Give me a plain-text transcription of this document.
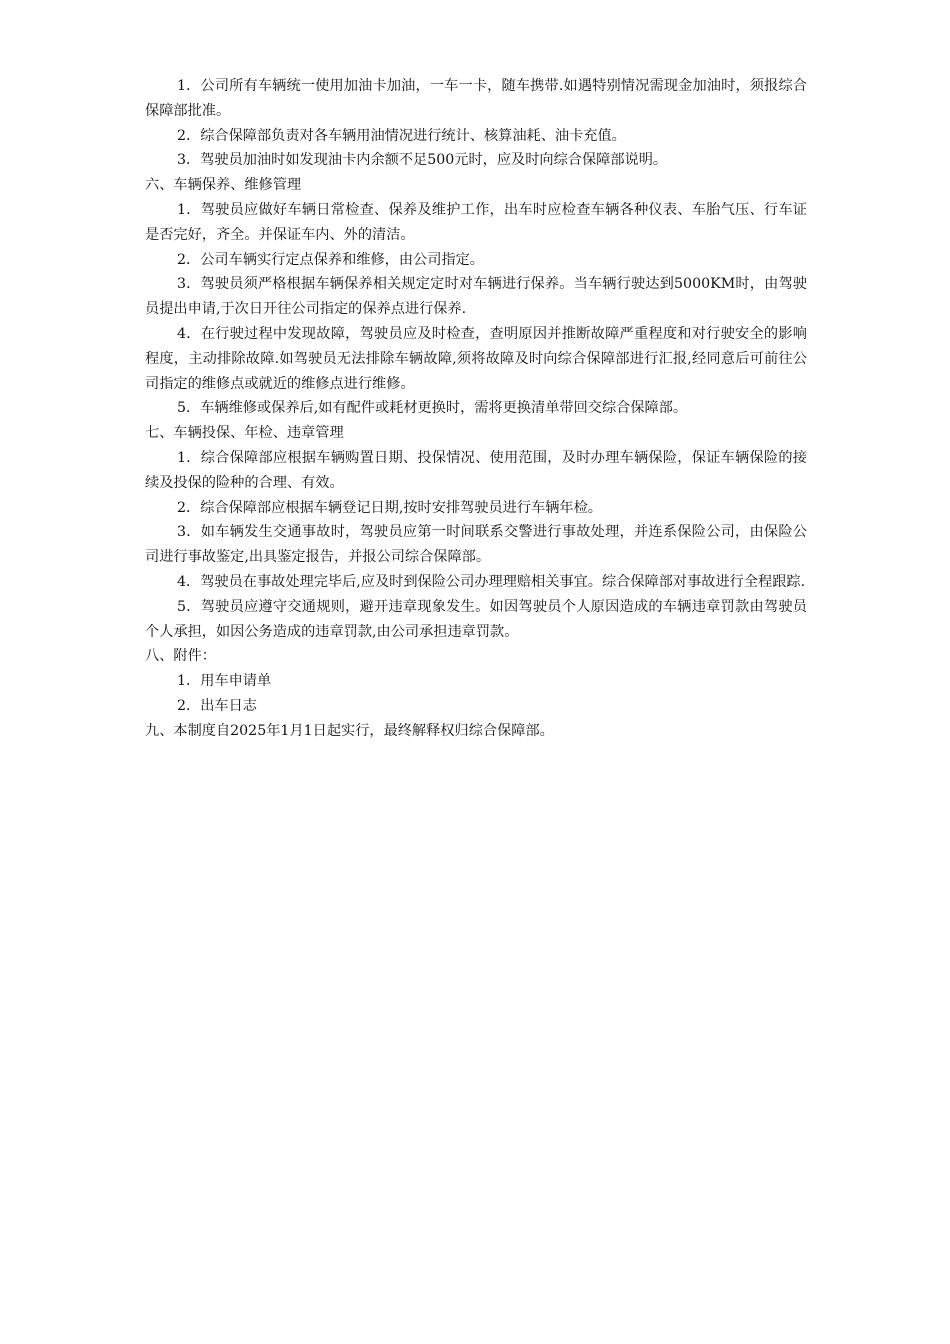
1．公司所有车辆统一使用加油卡加油，一车一卡，随车携带.如遇特别情况需现金加油时，须报综合保障部批准。
2．综合保障部负责对各车辆用油情况进行统计、核算油耗、油卡充值。
3．驾驶员加油时如发现油卡内余额不足500元时，应及时向综合保障部说明。
六、车辆保养、维修管理
1．驾驶员应做好车辆日常检查、保养及维护工作，出车时应检查车辆各种仪表、车胎气压、行车证是否完好，齐全。并保证车内、外的清洁。
2．公司车辆实行定点保养和维修，由公司指定。
3．驾驶员须严格根据车辆保养相关规定定时对车辆进行保养。当车辆行驶达到5000KM时，由驾驶员提出申请,于次日开往公司指定的保养点进行保养.
4．在行驶过程中发现故障，驾驶员应及时检查，查明原因并推断故障严重程度和对行驶安全的影响程度，主动排除故障.如驾驶员无法排除车辆故障,须将故障及时向综合保障部进行汇报,经同意后可前往公司指定的维修点或就近的维修点进行维修。
5．车辆维修或保养后,如有配件或耗材更换时，需将更换清单带回交综合保障部。
七、车辆投保、年检、违章管理
1．综合保障部应根据车辆购置日期、投保情况、使用范围，及时办理车辆保险，保证车辆保险的接续及投保的险种的合理、有效。
2．综合保障部应根据车辆登记日期,按时安排驾驶员进行车辆年检。
3．如车辆发生交通事故时，驾驶员应第一时间联系交警进行事故处理，并连系保险公司，由保险公司进行事故鉴定,出具鉴定报告，并报公司综合保障部。
4．驾驶员在事故处理完毕后,应及时到保险公司办理理赔相关事宜。综合保障部对事故进行全程跟踪.
5．驾驶员应遵守交通规则，避开违章现象发生。如因驾驶员个人原因造成的车辆违章罚款由驾驶员个人承担，如因公务造成的违章罚款,由公司承担违章罚款。
八、附件：
1．用车申请单
2．出车日志
九、本制度自2025年1月1日起实行，最终解释权归综合保障部。
